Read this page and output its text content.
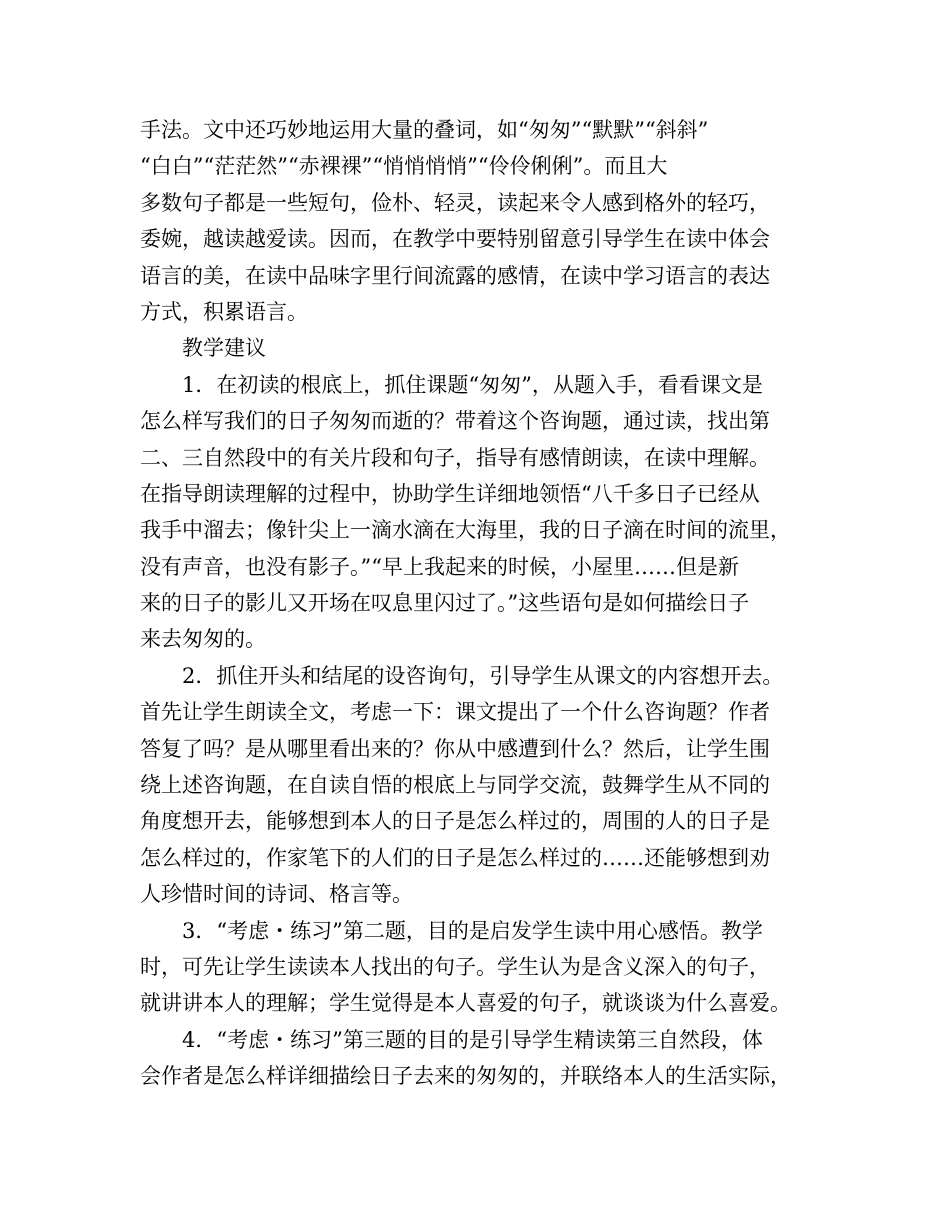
手法。文中还巧妙地运用大量的叠词，如“匆匆”“默默”“斜斜”
“白白”“茫茫然”“赤裸裸”“悄悄悄悄”“伶伶俐俐”。而且大
多数句子都是一些短句，俭朴、轻灵，读起来令人感到格外的轻巧，
委婉，越读越爱读。因而，在教学中要特别留意引导学生在读中体会
语言的美，在读中品味字里行间流露的感情，在读中学习语言的表达
方式，积累语言。
教学建议
1．在初读的根底上，抓住课题“匆匆”，从题入手，看看课文是
怎么样写我们的日子匆匆而逝的？带着这个咨询题，通过读，找出第
二、三自然段中的有关片段和句子，指导有感情朗读，在读中理解。
在指导朗读理解的过程中，协助学生详细地领悟“八千多日子已经从
我手中溜去；像针尖上一滴水滴在大海里，我的日子滴在时间的流里，
没有声音，也没有影子。”“早上我起来的时候，小屋里……但是新
来的日子的影儿又开场在叹息里闪过了。”这些语句是如何描绘日子
来去匆匆的。
2．抓住开头和结尾的设咨询句，引导学生从课文的内容想开去。
首先让学生朗读全文，考虑一下：课文提出了一个什么咨询题？作者
答复了吗？是从哪里看出来的？你从中感遭到什么？然后，让学生围
绕上述咨询题，在自读自悟的根底上与同学交流，鼓舞学生从不同的
角度想开去，能够想到本人的日子是怎么样过的，周围的人的日子是
怎么样过的，作家笔下的人们的日子是怎么样过的……还能够想到劝
人珍惜时间的诗词、格言等。
3．“考虑・练习”第二题，目的是启发学生读中用心感悟。教学
时，可先让学生读读本人找出的句子。学生认为是含义深入的句子，
就讲讲本人的理解；学生觉得是本人喜爱的句子，就谈谈为什么喜爱。
4．“考虑・练习”第三题的目的是引导学生精读第三自然段，体
会作者是怎么样详细描绘日子去来的匆匆的，并联络本人的生活实际，
